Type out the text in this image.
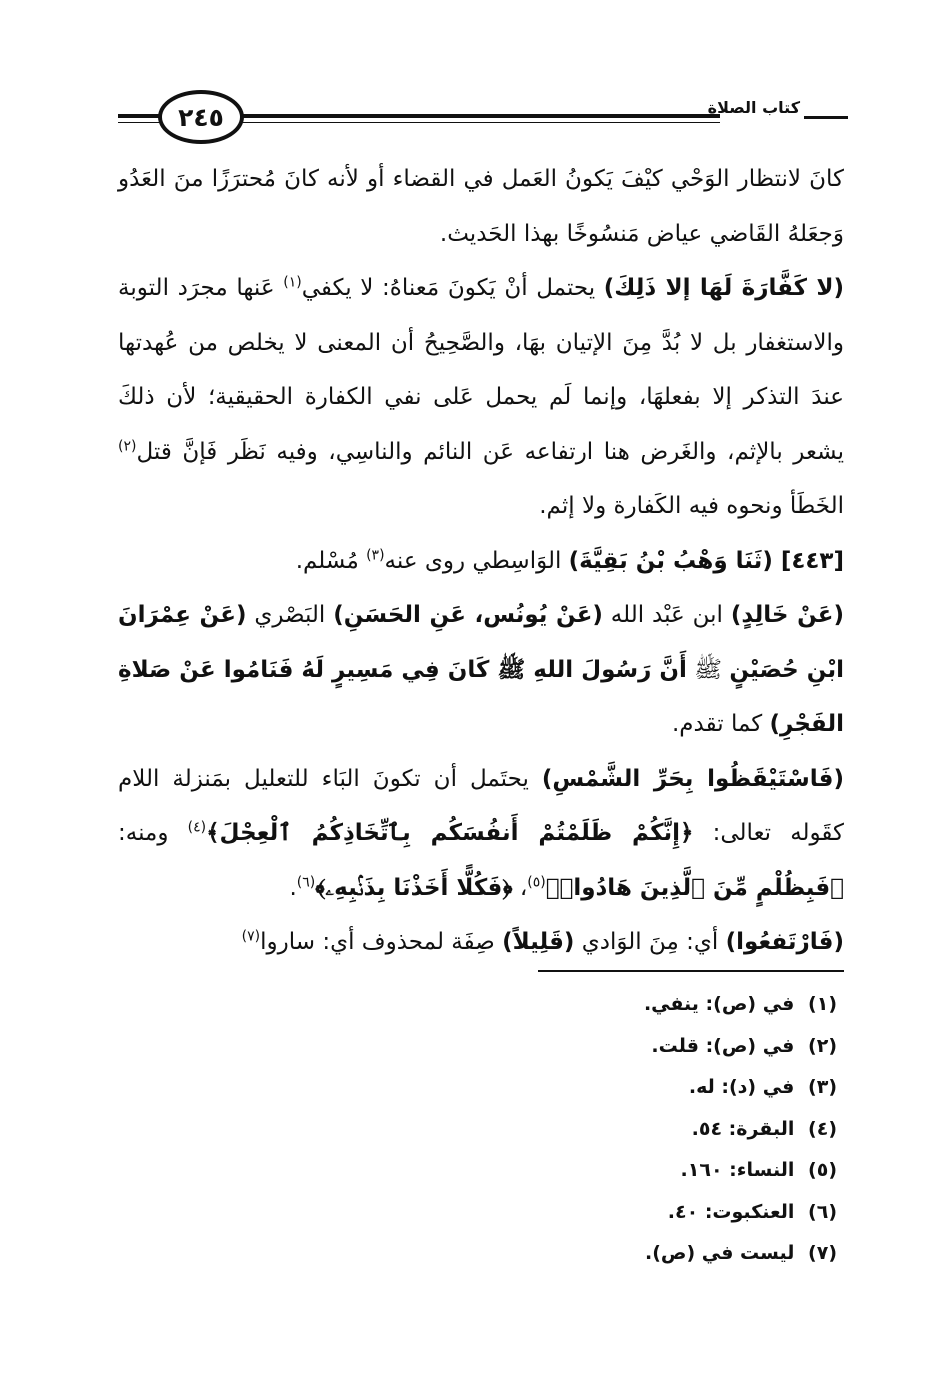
٢٤٥	كتاب الصلاة

كانَ لانتظار الوَحْي كيْفَ يَكونُ العَمل في القضاء أو لأنه كانَ مُحترَزًا منَ العَدُو وَجعَلهُ القَاضي عياض مَنسُوخًا بهذا الحَديث.

(لا كَفَّارَةَ لَهَا إلا ذَلِكَ) يحتمل أنْ يَكونَ مَعناهُ: لا يكفي$^{(١)}$ عَنها مجرَد التوبة والاستغفار بل لا بُدَّ مِنَ الإتيان بهَا، والصَّحِيحُ أن المعنى لا يخلص من عُهدتها عندَ التذكر إلا بفعلهَا، وإنما لَم يحمل عَلى نفي الكفارة الحقيقية؛ لأن ذلكَ يشعر بالإثم، والغَرض هنا ارتفاعه عَن النائم والناسِي، وفيه نَظَر فَإنَّ قتل$^{(٢)}$ الخَطَأ ونحوه فيه الكَفارة ولا إثم.

[٤٤٣] (ثَنَا وَهْبُ بْنُ بَقِيَّةَ) الوَاسِطي روى عنه$^{(٣)}$ مُسْلم.

(عَنْ خَالِدٍ) ابن عَبْد الله (عَنْ يُونُس، عَنِ الحَسَنِ) البَصْري (عَنْ عِمْرَانَ ابْنِ حُصَيْنٍ ﷺ أَنَّ رَسُولَ اللهِ ﷺ كَانَ فِي مَسِيرٍ لَهُ فَنَامُوا عَنْ صَلاةِ الفَجْرِ) كما تقدم.

(فَاسْتَيْقَظُوا بِحَرِّ الشَّمْسِ) يحتَمل أن تكونَ البَاء للتعليل بمَنزلة اللام كقَوله تعالى: ﴿إِنَّكُمْ ظَلَمْتُمْ أَنفُسَكُم بِٱتِّخَاذِكُمُ ٱلْعِجْلَ﴾$^{(٤)}$ ومنه: ﴿فَبِظُلْمٍ مِّنَ ٱلَّذِينَ هَادُوا۟﴾$^{(٥)}$، ﴿فَكُلًّا أَخَذْنَا بِذَنۢبِهِۦ﴾$^{(٦)}$.

(فَارْتَفعُوا) أي: مِنَ الوَادي (قَلِيلاً) صِفَة لمحذوف أي: ساروا$^{(٧)}$

(١) في (ص): ينفي.
(٢) في (ص): قلت.
(٣) في (د): له.
(٤) البقرة: ٥٤.
(٥) النساء: ١٦٠.
(٦) العنكبوت: ٤٠.
(٧) ليست في (ص).
